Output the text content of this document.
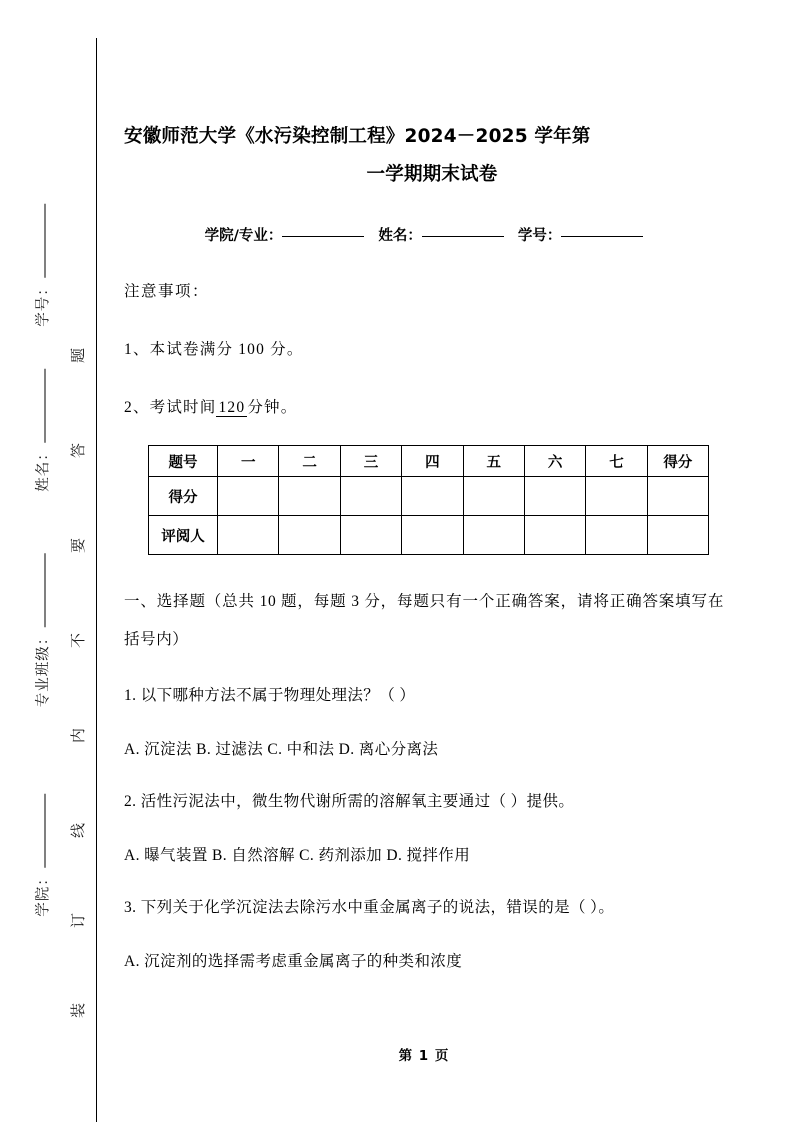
学号：
姓名：
专业班级：
学院：
题
答
要
不
内
线
订
装
安徽师范大学《水污染控制工程》2024－2025 学年第
一学期期末试卷
学院/专业：	姓名：	学号：
注意事项：
1、本试卷满分 100 分。
2、考试时间 120 分钟。
题号	一	二	三	四	五	六	七	得分
得分								
评阅人								
一、选择题（总共 10 题，每题 3 分，每题只有一个正确答案，请将正确答案填写在括号内）
1. 以下哪种方法不属于物理处理法？（ ）
A. 沉淀法 B. 过滤法 C. 中和法 D. 离心分离法
2. 活性污泥法中，微生物代谢所需的溶解氧主要通过（ ）提供。
A. 曝气装置 B. 自然溶解 C. 药剂添加 D. 搅拌作用
3. 下列关于化学沉淀法去除污水中重金属离子的说法，错误的是（ ）。
A. 沉淀剂的选择需考虑重金属离子的种类和浓度
第 1 页
